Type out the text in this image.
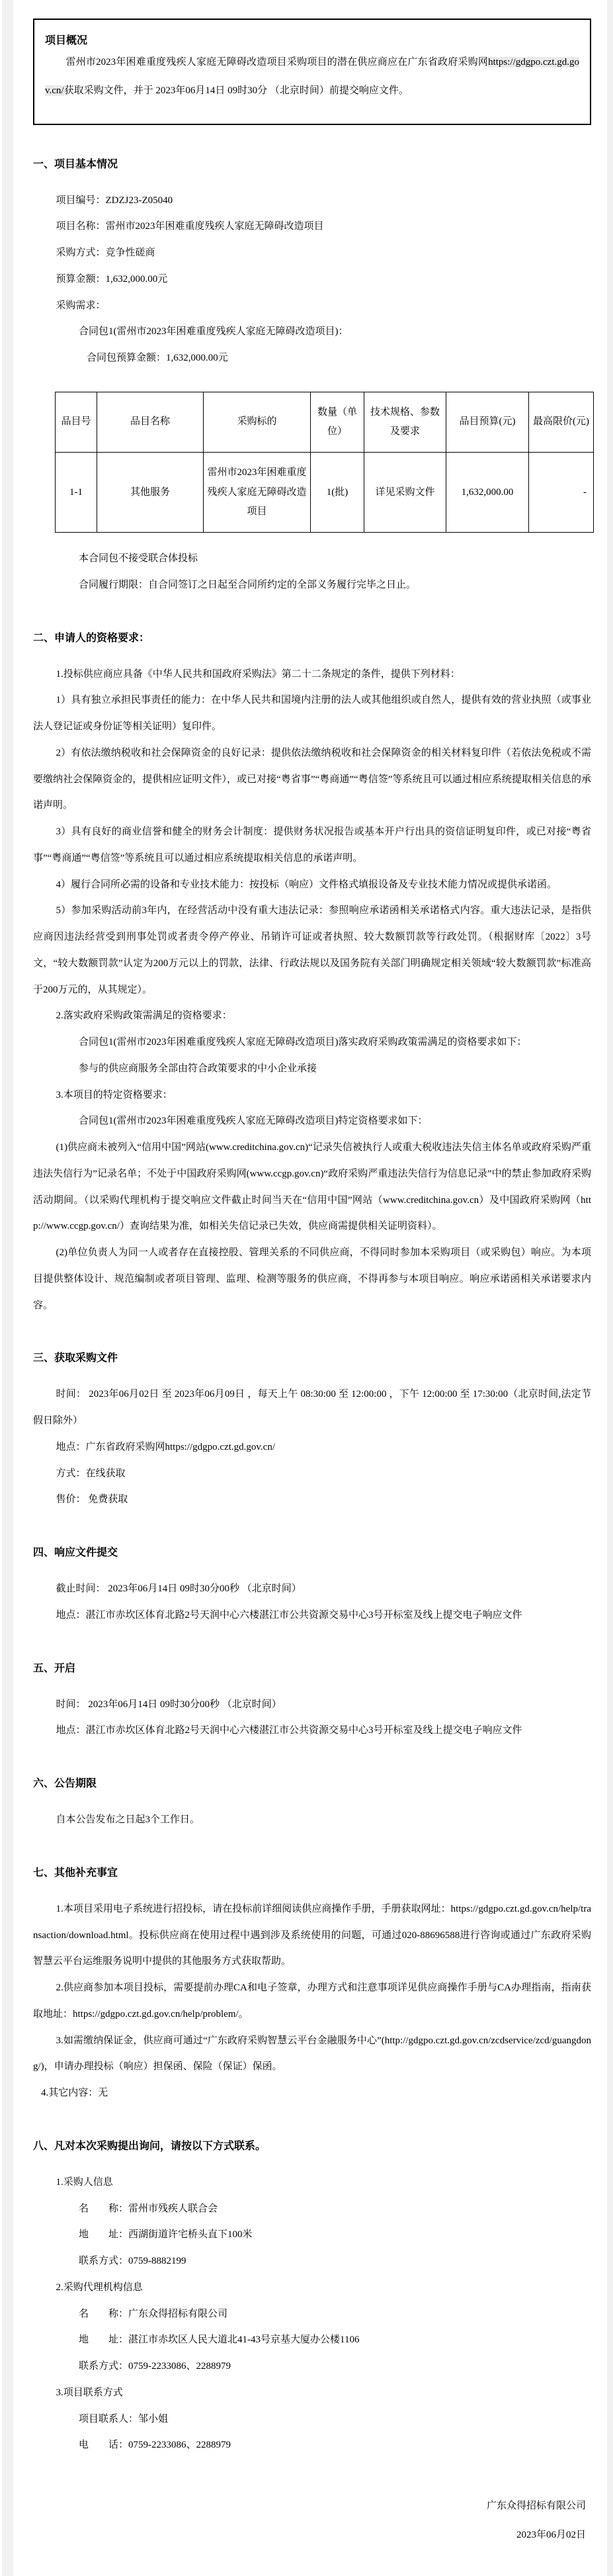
项目概况

雷州市2023年困难重度残疾人家庭无障碍改造项目采购项目的潜在供应商应在广东省政府采购网https://gdgpo.czt.gd.gov.cn/获取采购文件，并于 2023年06月14日 09时30分 （北京时间）前提交响应文件。

一、项目基本情况

项目编号：ZDZJ23-Z05040

项目名称：雷州市2023年困难重度残疾人家庭无障碍改造项目

采购方式：竞争性磋商

预算金额：1,632,000.00元

采购需求：

合同包1(雷州市2023年困难重度残疾人家庭无障碍改造项目)：

合同包预算金额：1,632,000.00元

品目号	品目名称	采购标的	数量（单位）	技术规格、参数及要求	品目预算(元)	最高限价(元)
1-1	其他服务	雷州市2023年困难重度残疾人家庭无障碍改造项目	1(批)	详见采购文件	1,632,000.00	-

本合同包不接受联合体投标

合同履行期限：自合同签订之日起至合同所约定的全部义务履行完毕之日止。

二、申请人的资格要求：

1.投标供应商应具备《中华人民共和国政府采购法》第二十二条规定的条件，提供下列材料：

1）具有独立承担民事责任的能力：在中华人民共和国境内注册的法人或其他组织或自然人，提供有效的营业执照（或事业法人登记证或身份证等相关证明）复印件。

2）有依法缴纳税收和社会保障资金的良好记录：提供依法缴纳税收和社会保障资金的相关材料复印件（若依法免税或不需要缴纳社会保障资金的，提供相应证明文件），或已对接“粤省事”“粤商通”“粤信签”等系统且可以通过相应系统提取相关信息的承诺声明。

3）具有良好的商业信誉和健全的财务会计制度：提供财务状况报告或基本开户行出具的资信证明复印件，或已对接“粤省事”“粤商通”“粤信签”等系统且可以通过相应系统提取相关信息的承诺声明。

4）履行合同所必需的设备和专业技术能力：按投标（响应）文件格式填报设备及专业技术能力情况或提供承诺函。

5）参加采购活动前3年内，在经营活动中没有重大违法记录：参照响应承诺函相关承诺格式内容。重大违法记录，是指供应商因违法经营受到刑事处罚或者责令停产停业、吊销许可证或者执照、较大数额罚款等行政处罚。（根据财库〔2022〕3号文，“较大数额罚款”认定为200万元以上的罚款，法律、行政法规以及国务院有关部门明确规定相关领域“较大数额罚款”标准高于200万元的，从其规定）。

2.落实政府采购政策需满足的资格要求：

合同包1(雷州市2023年困难重度残疾人家庭无障碍改造项目)落实政府采购政策需满足的资格要求如下：

参与的供应商服务全部由符合政策要求的中小企业承接

3.本项目的特定资格要求：

合同包1(雷州市2023年困难重度残疾人家庭无障碍改造项目)特定资格要求如下：

(1)供应商未被列入“信用中国”网站(www.creditchina.gov.cn)“记录失信被执行人或重大税收违法失信主体名单或政府采购严重违法失信行为”记录名单；不处于中国政府采购网(www.ccgp.gov.cn)“政府采购严重违法失信行为信息记录”中的禁止参加政府采购活动期间。（以采购代理机构于提交响应文件截止时间当天在“信用中国”网站（www.creditchina.gov.cn）及中国政府采购网（http://www.ccgp.gov.cn/）查询结果为准，如相关失信记录已失效，供应商需提供相关证明资料）。

(2)单位负责人为同一人或者存在直接控股、管理关系的不同供应商，不得同时参加本采购项目（或采购包）响应。为本项目提供整体设计、规范编制或者项目管理、监理、检测等服务的供应商，不得再参与本项目响应。响应承诺函相关承诺要求内容。

三、获取采购文件

时间： 2023年06月02日 至 2023年06月09日 ，每天上午 08:30:00 至 12:00:00 ，下午 12:00:00 至 17:30:00（北京时间,法定节假日除外）

地点：广东省政府采购网https://gdgpo.czt.gd.gov.cn/

方式：在线获取

售价： 免费获取

四、响应文件提交

截止时间： 2023年06月14日 09时30分00秒 （北京时间）

地点：湛江市赤坎区体育北路2号天润中心六楼湛江市公共资源交易中心3号开标室及线上提交电子响应文件

五、开启

时间： 2023年06月14日 09时30分00秒 （北京时间）

地点：湛江市赤坎区体育北路2号天润中心六楼湛江市公共资源交易中心3号开标室及线上提交电子响应文件

六、公告期限

自本公告发布之日起3个工作日。

七、其他补充事宜

1.本项目采用电子系统进行招投标，请在投标前详细阅读供应商操作手册，手册获取网址：https://gdgpo.czt.gd.gov.cn/help/transaction/download.html。投标供应商在使用过程中遇到涉及系统使用的问题，可通过020-88696588进行咨询或通过广东政府采购智慧云平台运维服务说明中提供的其他服务方式获取帮助。

2.供应商参加本项目投标，需要提前办理CA和电子签章，办理方式和注意事项详见供应商操作手册与CA办理指南，指南获取地址：https://gdgpo.czt.gd.gov.cn/help/problem/。

3.如需缴纳保证金，供应商可通过“广东政府采购智慧云平台金融服务中心”(http://gdgpo.czt.gd.gov.cn/zcdservice/zcd/guangdong/)，申请办理投标（响应）担保函、保险（保证）保函。

4.其它内容：无

八、凡对本次采购提出询问，请按以下方式联系。

1.采购人信息

名　　称：雷州市残疾人联合会

地　　址：西湖街道许宅桥头直下100米

联系方式：0759-8882199

2.采购代理机构信息

名　　称：广东众得招标有限公司

地　　址：湛江市赤坎区人民大道北41-43号京基大厦办公楼1106

联系方式：0759-2233086、2288979

3.项目联系方式

项目联系人：邹小姐

电　　话：0759-2233086、2288979

广东众得招标有限公司
2023年06月02日
